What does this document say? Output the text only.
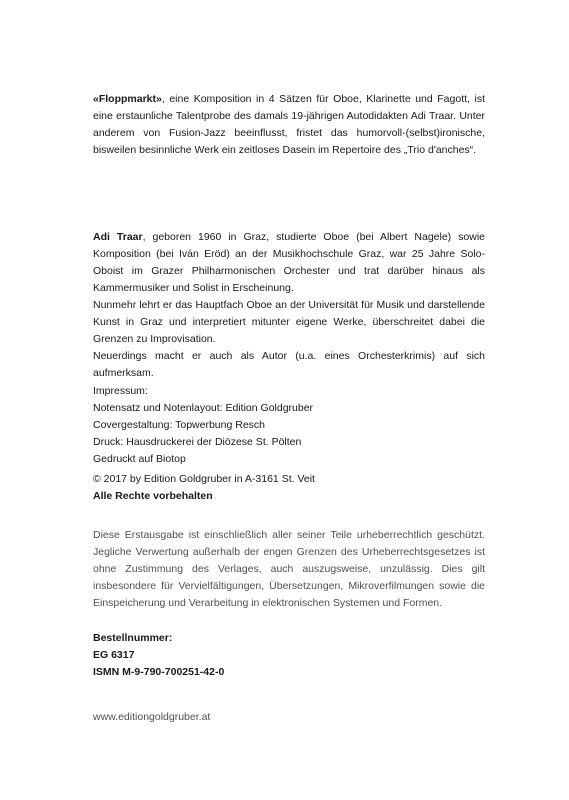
«Floppmarkt», eine Komposition in 4 Sätzen für Oboe, Klarinette und Fagott, ist eine erstaunliche Talentprobe des damals 19-jährigen Autodidakten Adi Traar. Unter anderem von Fusion-Jazz beeinflusst, fristet das humorvoll-(selbst)ironische, bisweilen besinnliche Werk ein zeitloses Dasein im Repertoire des „Trio d'anches“.

Adi Traar, geboren 1960 in Graz, studierte Oboe (bei Albert Nagele) sowie Komposition (bei Iván Eröd) an der Musikhochschule Graz, war 25 Jahre Solo-Oboist im Grazer Philharmonischen Orchester und trat darüber hinaus als Kammermusiker und Solist in Erscheinung.

Nunmehr lehrt er das Hauptfach Oboe an der Universität für Musik und darstellende Kunst in Graz und interpretiert mitunter eigene Werke, überschreitet dabei die Grenzen zu Improvisation.

Neuerdings macht er auch als Autor (u.a. eines Orchesterkrimis) auf sich aufmerksam.

Impressum:

Notensatz und Notenlayout: Edition Goldgruber

Covergestaltung: Topwerbung Resch

Druck: Hausdruckerei der Diözese St. Pölten

Gedruckt auf Biotop

© 2017 by Edition Goldgruber in A-3161 St. Veit

Alle Rechte vorbehalten

Diese Erstausgabe ist einschließlich aller seiner Teile urheberrechtlich geschützt. Jegliche Verwertung außerhalb der engen Grenzen des Urheberrechtsgesetzes ist ohne Zustimmung des Verlages, auch auszugsweise, unzulässig. Dies gilt insbesondere für Vervielfältigungen, Übersetzungen, Mikroverfilmungen sowie die Einspeicherung und Verarbeitung in elektronischen Systemen und Formen.

Bestellnummer:

EG 6317

ISMN M-9-790-700251-42-0

www.editiongoldgruber.at
